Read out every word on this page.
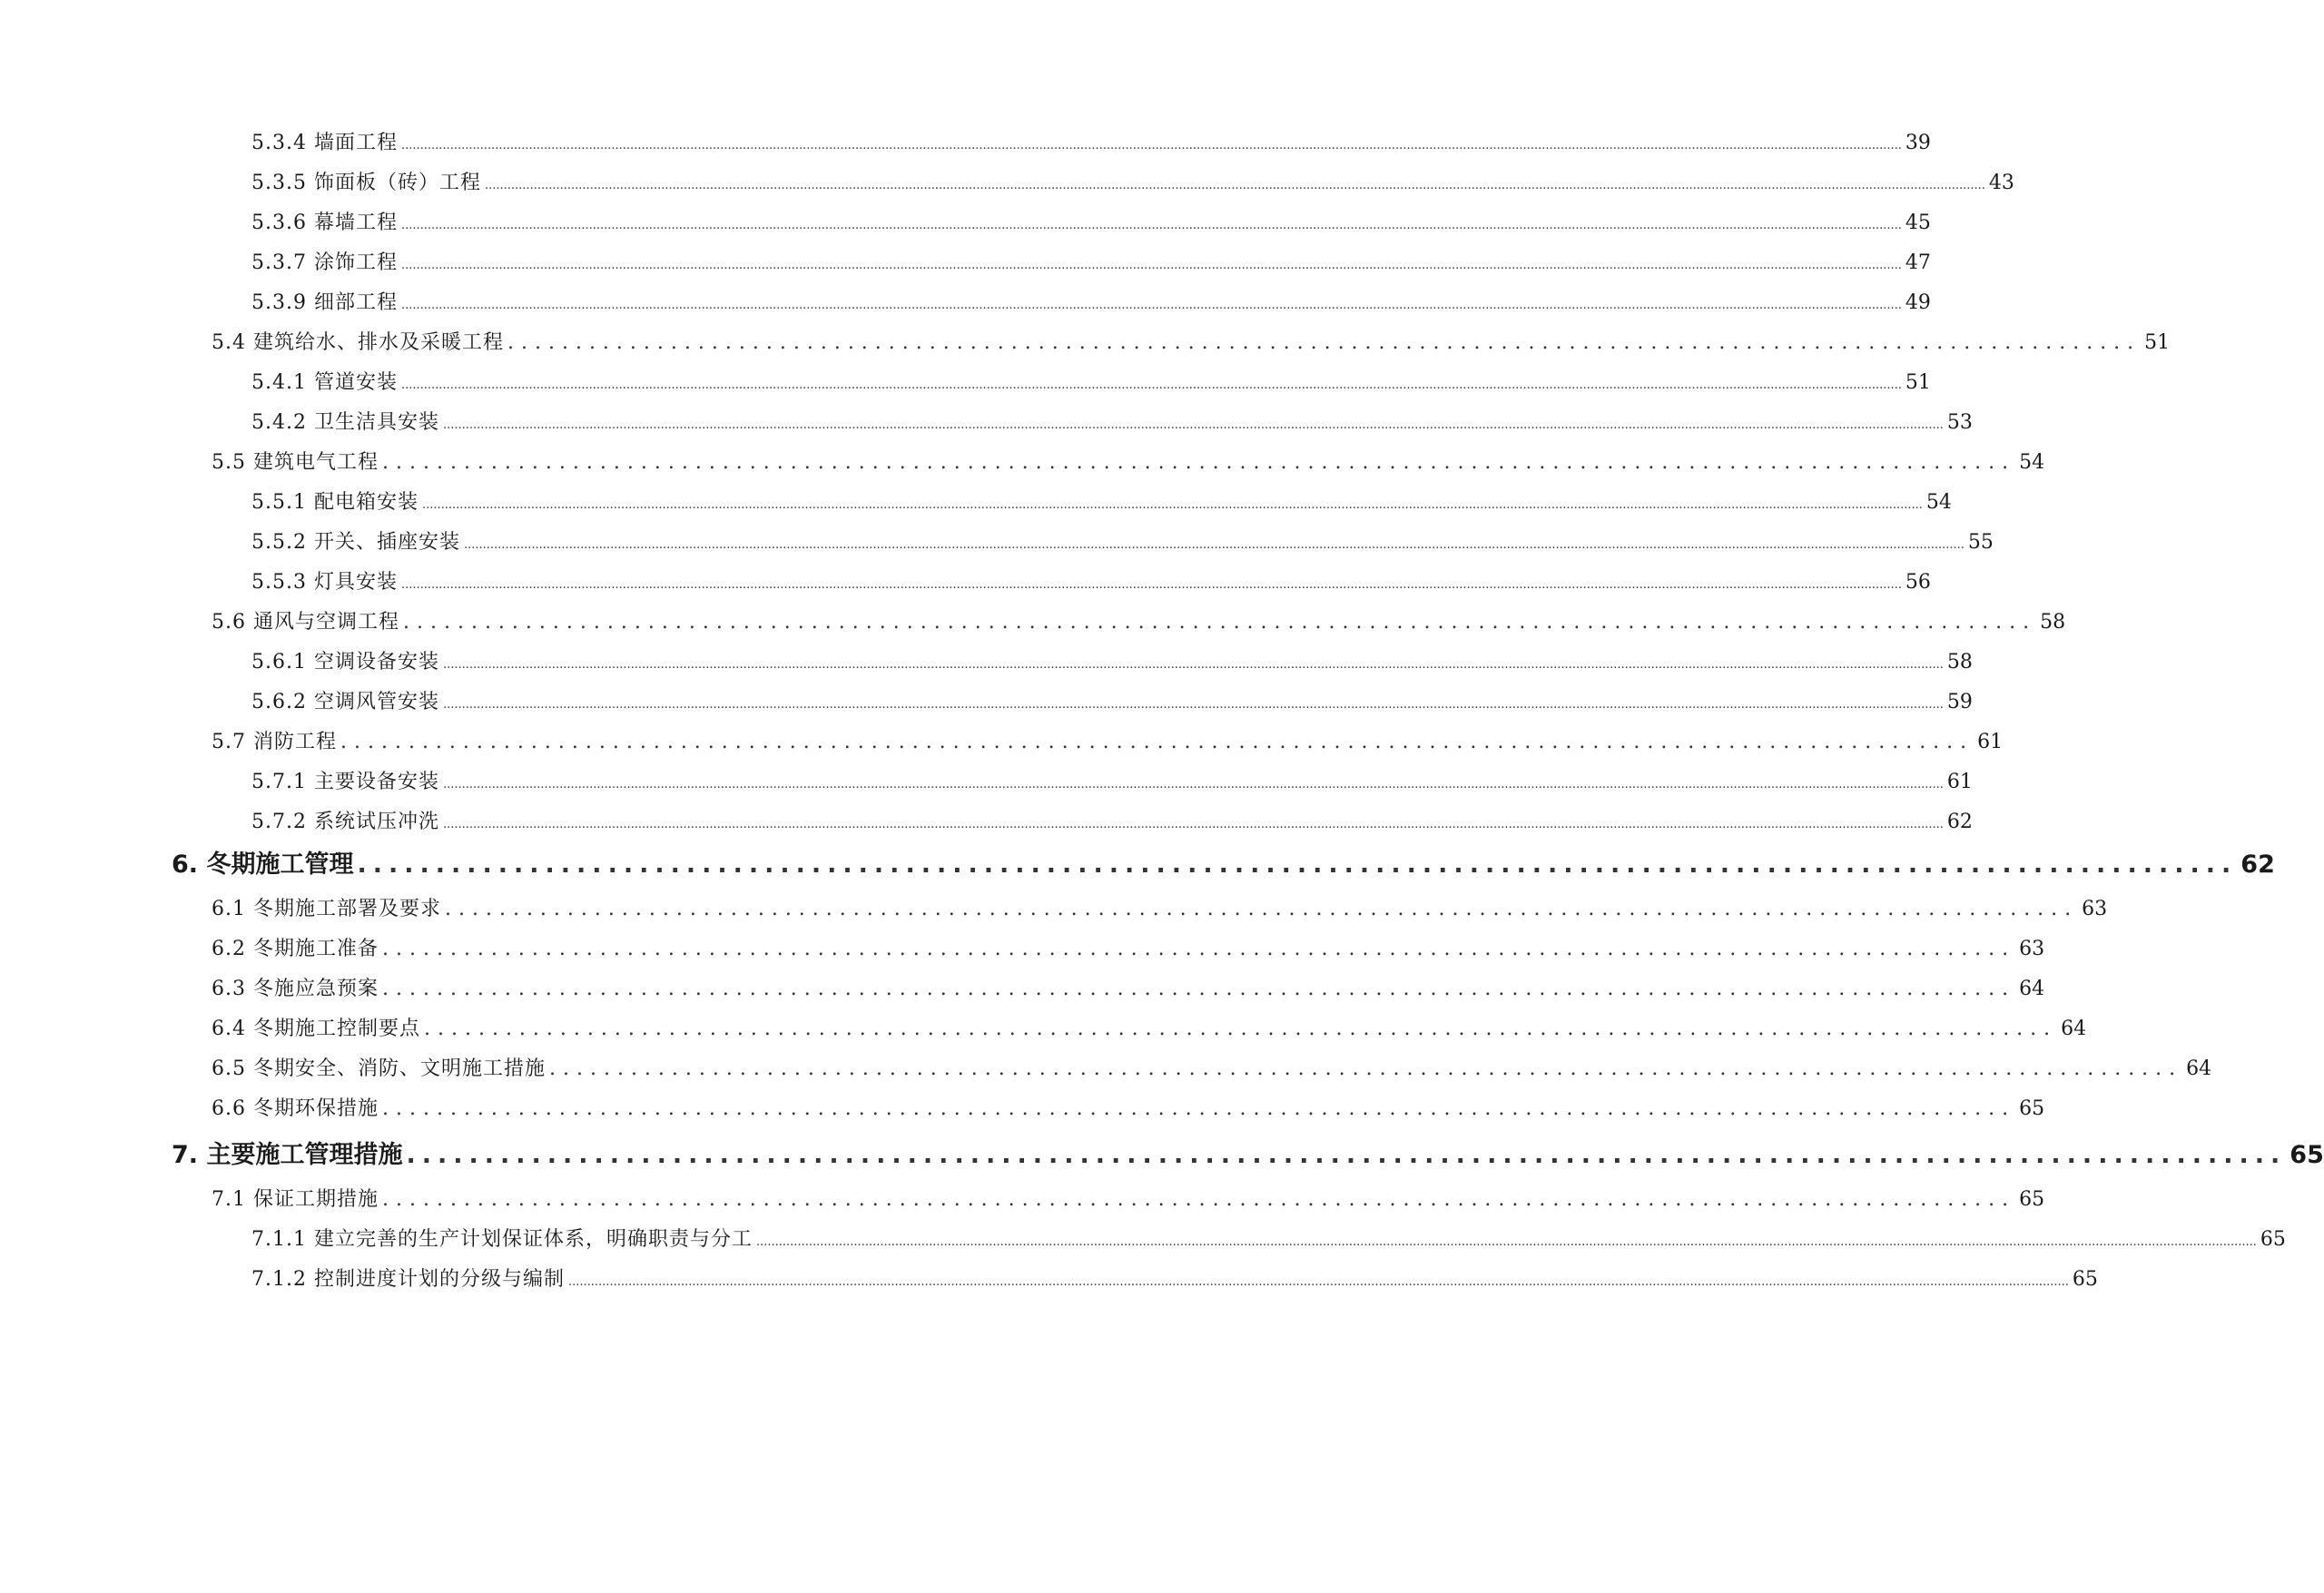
5.3.4 墙面工程 ................................................................................................................................................................................................................................................................................................................................................................................................................ 39
5.3.5 饰面板（砖）工程 ................................................................................................................................................................................................................................................................................................................................................................................................................ 43
5.3.6 幕墙工程 ................................................................................................................................................................................................................................................................................................................................................................................................................ 45
5.3.7 涂饰工程 ................................................................................................................................................................................................................................................................................................................................................................................................................ 47
5.3.9 细部工程 ................................................................................................................................................................................................................................................................................................................................................................................................................ 49
5.4 建筑给水、排水及采暖工程 ........................................................................................................................ 51
5.4.1 管道安装 ................................................................................................................................................................................................................................................................................................................................................................................................................ 51
5.4.2 卫生洁具安装 ................................................................................................................................................................................................................................................................................................................................................................................................................ 53
5.5 建筑电气工程 ........................................................................................................................ 54
5.5.1 配电箱安装 ................................................................................................................................................................................................................................................................................................................................................................................................................ 54
5.5.2 开关、插座安装 ................................................................................................................................................................................................................................................................................................................................................................................................................ 55
5.5.3 灯具安装 ................................................................................................................................................................................................................................................................................................................................................................................................................ 56
5.6 通风与空调工程 ........................................................................................................................ 58
5.6.1 空调设备安装 ................................................................................................................................................................................................................................................................................................................................................................................................................ 58
5.6.2 空调风管安装 ................................................................................................................................................................................................................................................................................................................................................................................................................ 59
5.7 消防工程 ........................................................................................................................ 61
5.7.1 主要设备安装 ................................................................................................................................................................................................................................................................................................................................................................................................................ 61
5.7.2 系统试压冲洗 ................................................................................................................................................................................................................................................................................................................................................................................................................ 62
6. 冬期施工管理 ........................................................................................................................ 62
6.1 冬期施工部署及要求 ........................................................................................................................ 63
6.2 冬期施工准备 ........................................................................................................................ 63
6.3 冬施应急预案 ........................................................................................................................ 64
6.4 冬期施工控制要点 ........................................................................................................................ 64
6.5 冬期安全、消防、文明施工措施 ........................................................................................................................ 64
6.6 冬期环保措施 ........................................................................................................................ 65
7. 主要施工管理措施 ........................................................................................................................ 65
7.1 保证工期措施 ........................................................................................................................ 65
7.1.1 建立完善的生产计划保证体系，明确职责与分工 ................................................................................................................................................................................................................................................................................................................................................................................................................ 65
7.1.2 控制进度计划的分级与编制 ................................................................................................................................................................................................................................................................................................................................................................................................................ 65
